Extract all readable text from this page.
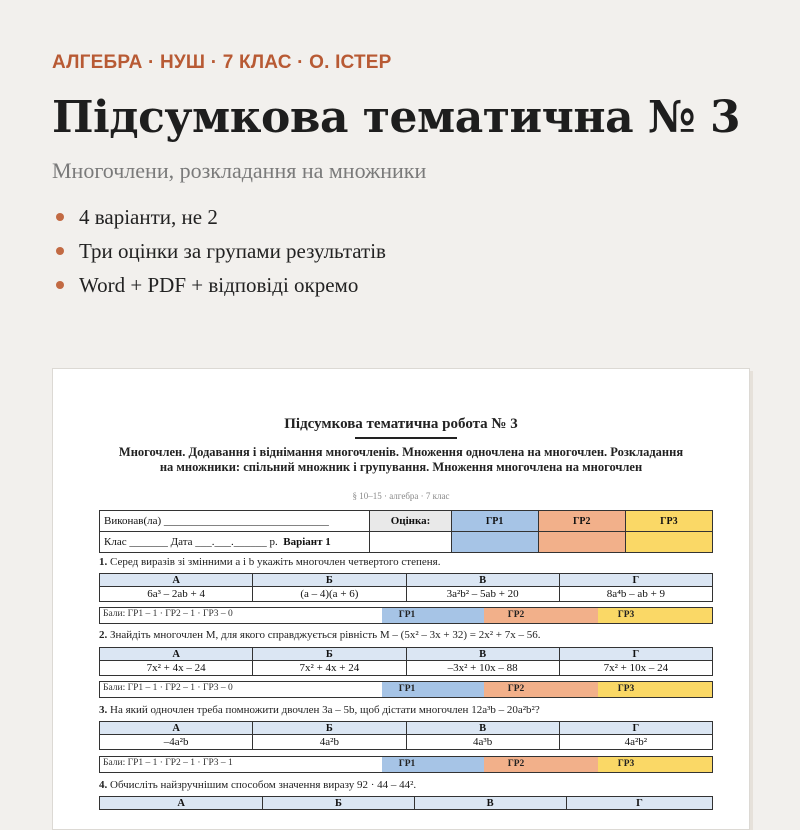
АЛГЕБРА · НУШ · 7 КЛАС · О. ІСТЕР
Підсумкова тематична № 3
Многочлени, розкладання на множники
4 варіанти, не 2
Три оцінки за групами результатів
Word + PDF + відповіді окремо
Підсумкова тематична робота № 3
Многочлен. Додавання і віднімання многочленів. Множення одночлена на многочлен. Розкладання на множники: спільний множник і групування. Множення многочлена на многочлен
§ 10–15 · алгебра · 7 клас
Виконав(ла) ______________________________	Оцінка:	ГР1	ГР2	ГР3
Клас _______ Дата ___.___.______ р. Варіант 1				
1. Серед виразів зі змінними a і b укажіть многочлен четвертого степеня.
А	Б	В	Г
6a³ – 2ab + 4	(a – 4)(a + 6)	3a²b² – 5ab + 20	8a⁴b – ab + 9
Бали: ГР1 – 1 · ГР2 – 1 · ГР3 – 0	ГР1	ГР2	ГР3
2. Знайдіть многочлен M, для якого справджується рівність M – (5x² – 3x + 32) = 2x² + 7x – 56.
А	Б	В	Г
7x² + 4x – 24	7x² + 4x + 24	–3x² + 10x – 88	7x² + 10x – 24
Бали: ГР1 – 1 · ГР2 – 1 · ГР3 – 0	ГР1	ГР2	ГР3
3. На який одночлен треба помножити двочлен 3a – 5b, щоб дістати многочлен 12a³b – 20a²b²?
А	Б	В	Г
–4a²b	4a²b	4a³b	4a²b²
Бали: ГР1 – 1 · ГР2 – 1 · ГР3 – 1	ГР1	ГР2	ГР3
4. Обчисліть найзручнішим способом значення виразу 92 · 44 – 44².
А	Б	В	Г
